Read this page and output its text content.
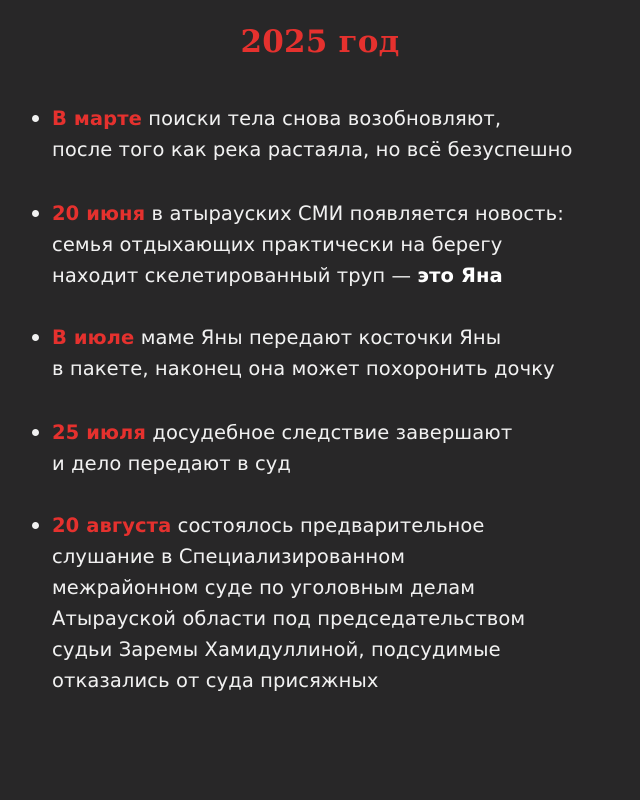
2025 год
В марте поиски тела снова возобновляют,
после того как река растаяла, но всё безуспешно
20 июня в атырауских СМИ появляется новость:
семья отдыхающих практически на берегу
находит скелетированный труп — это Яна
В июле маме Яны передают косточки Яны
в пакете, наконец она может похоронить дочку
25 июля досудебное следствие завершают
и дело передают в суд
20 августа состоялось предварительное
слушание в Специализированном
межрайонном суде по уголовным делам
Атырауской области под председательством
судьи Заремы Хамидуллиной, подсудимые
отказались от суда присяжных
